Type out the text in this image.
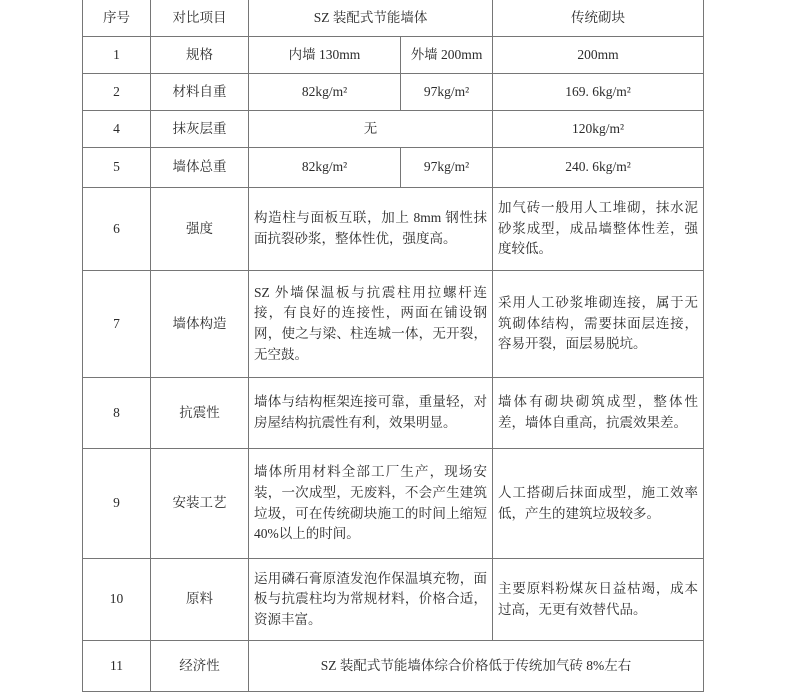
序号	对比项目	SZ 装配式节能墙体		传统砌块
1	规格	内墙 130mm	外墙 200mm	200mm
2	材料自重	82kg/m²	97kg/m²	169. 6kg/m²
4	抹灰层重	无		120kg/m²
5	墙体总重	82kg/m²	97kg/m²	240. 6kg/m²
6	强度	构造柱与面板互联，加上 8mm 钢性抹面抗裂砂浆，整体性优，强度高。		加气砖一般用人工堆砌，抹水泥砂浆成型，成品墙整体性差，强度较低。
7	墙体构造	SZ 外墙保温板与抗震柱用拉螺杆连接，有良好的连接性，两面在铺设钢网，使之与梁、柱连城一体，无开裂，无空鼓。		采用人工砂浆堆砌连接，属于无筑砌体结构，需要抹面层连接，容易开裂，面层易脱坑。
8	抗震性	墙体与结构框架连接可靠，重量轻，对房屋结构抗震性有利，效果明显。		墙体有砌块砌筑成型，整体性差，墙体自重高，抗震效果差。
9	安装工艺	墙体所用材料全部工厂生产，现场安装，一次成型，无废料，不会产生建筑垃圾，可在传统砌块施工的时间上缩短 40%以上的时间。		人工搭砌后抹面成型，施工效率低，产生的建筑垃圾较多。
10	原料	运用磷石膏原渣发泡作保温填充物，面板与抗震柱均为常规材料，价格合适，资源丰富。		主要原料粉煤灰日益枯竭，成本过高，无更有效替代品。
11	经济性	SZ 装配式节能墙体综合价格低于传统加气砖 8%左右		
